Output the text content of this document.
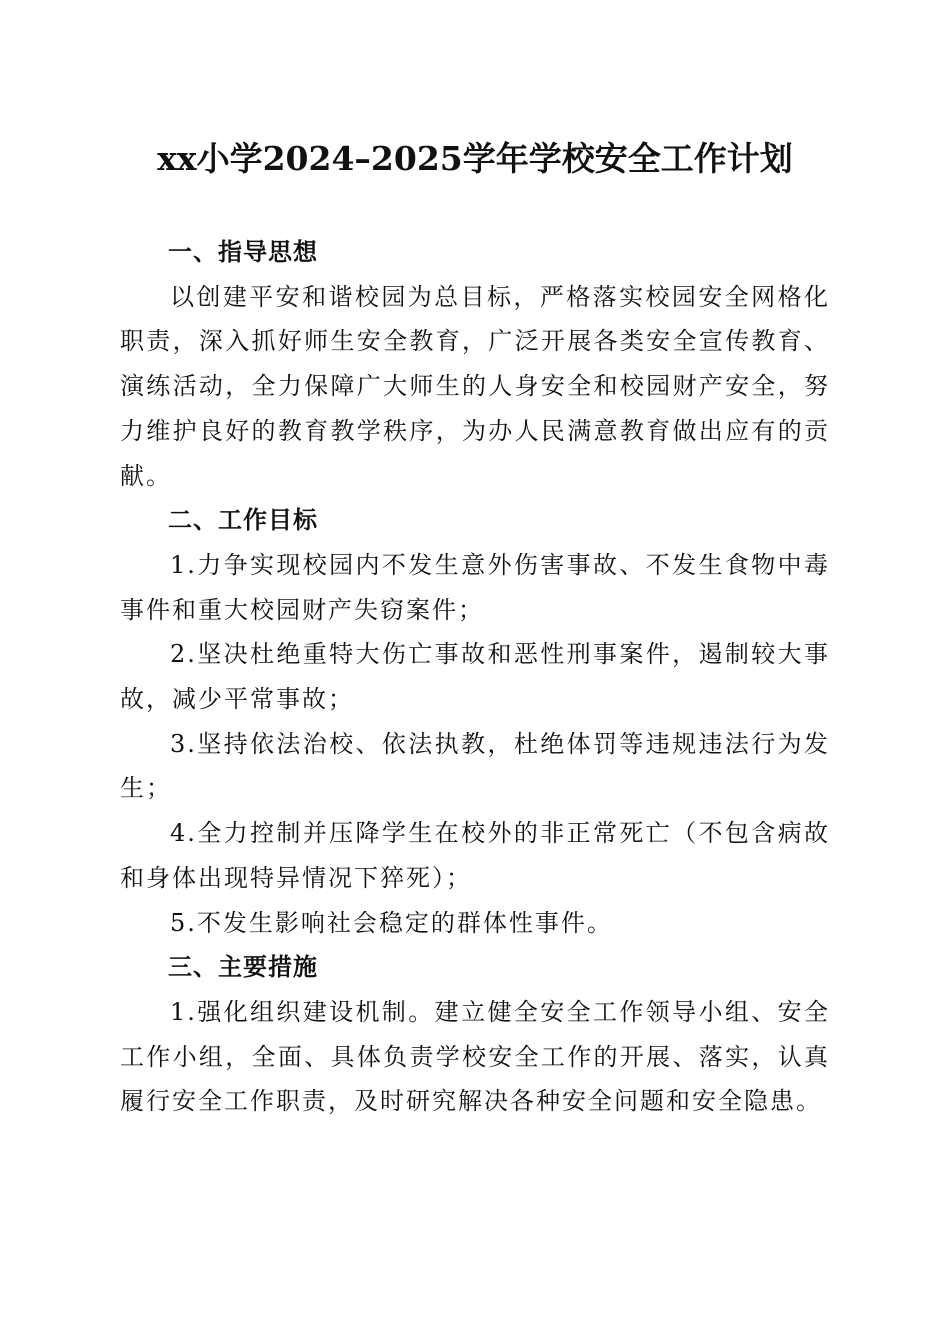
xx小学2024–2025学年学校安全工作计划

一、指导思想

以创建平安和谐校园为总目标，严格落实校园安全网格化职责，深入抓好师生安全教育，广泛开展各类安全宣传教育、演练活动，全力保障广大师生的人身安全和校园财产安全，努力维护良好的教育教学秩序，为办人民满意教育做出应有的贡献。

二、工作目标

1.力争实现校园内不发生意外伤害事故、不发生食物中毒事件和重大校园财产失窃案件；

2.坚决杜绝重特大伤亡事故和恶性刑事案件，遏制较大事故，减少平常事故；

3.坚持依法治校、依法执教，杜绝体罚等违规违法行为发生；

4.全力控制并压降学生在校外的非正常死亡（不包含病故和身体出现特异情况下猝死）；

5.不发生影响社会稳定的群体性事件。

三、主要措施

1.强化组织建设机制。建立健全安全工作领导小组、安全工作小组，全面、具体负责学校安全工作的开展、落实，认真履行安全工作职责，及时研究解决各种安全问题和安全隐患。
